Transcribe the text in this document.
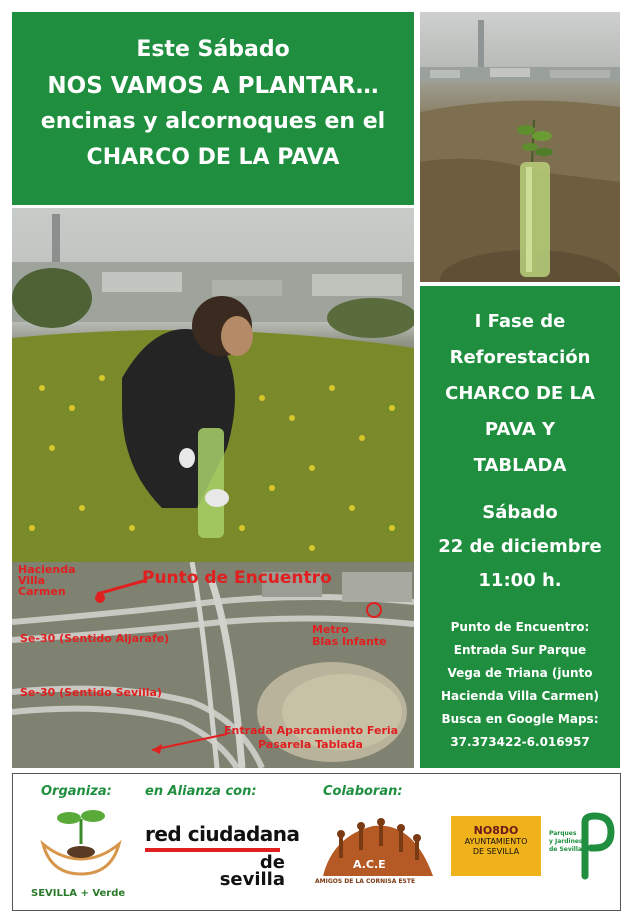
Este Sábado
NOS VAMOS A PLANTAR…
encinas y alcornoques en el
CHARCO DE LA PAVA
Hacienda
Villa
Carmen
Punto de Encuentro
Metro
Blas Infante
Se-30 (Sentido Aljarafe)
Se-30 (Sentido Sevilla)
Entrada Aparcamiento Feria
Pasarela Tablada
I Fase de
Reforestación
CHARCO DE LA
PAVA Y
TABLADA
Sábado
22 de diciembre
11:00 h.
Punto de Encuentro:
Entrada Sur Parque
Vega de Triana (junto
Hacienda Villa Carmen)
Busca en Google Maps:
37.373422-6.016957
Organiza:	en Alianza con:	Colaboran:
SEVILLA + Verde
red ciudadana
de
sevilla
A.C.E
AMIGOS DE LA CORNISA ESTE
NO8DO
AYUNTAMIENTO
DE SEVILLA
Parques
y Jardines
de Sevilla
